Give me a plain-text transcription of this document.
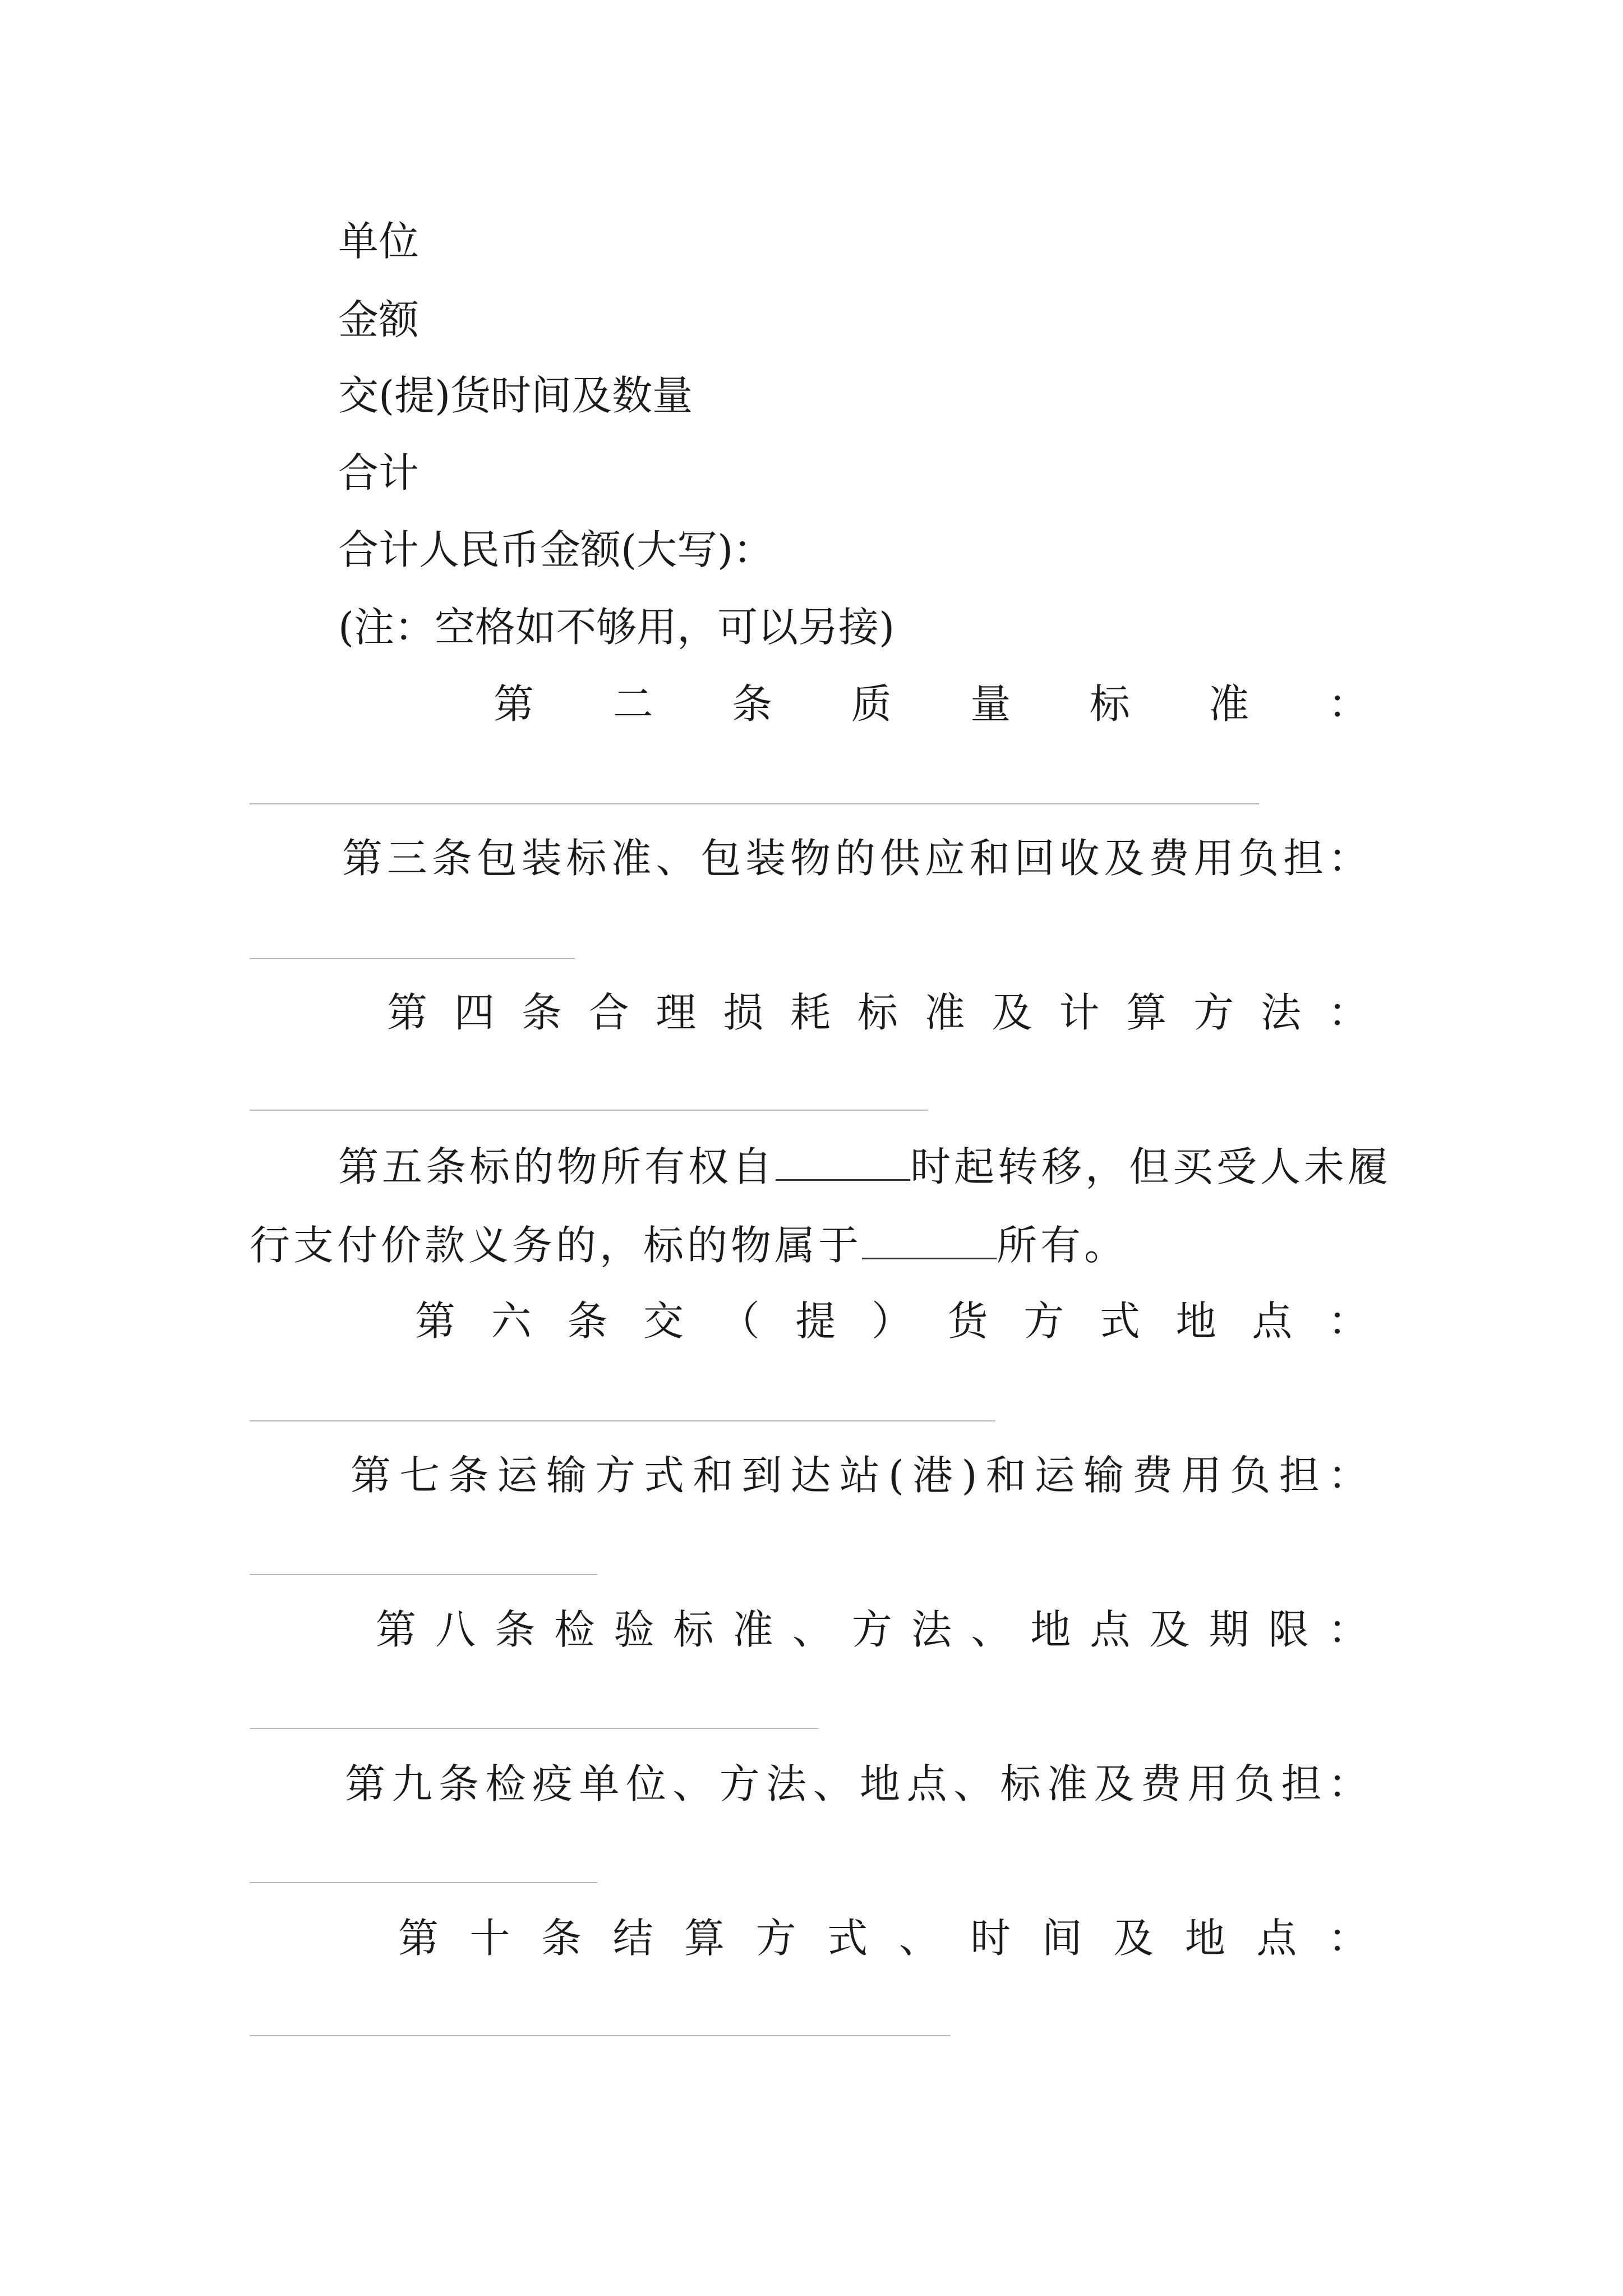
单位
金额
交(提)货时间及数量
合计
合计人民币金额(大写)：
(注：空格如不够用，可以另接)
第 二 条 质 量 标 准 ：
第 三 条 包 装 标 准 、 包 装 物 的 供 应 和 回 收 及 费 用 负 担 ：
第 四 条 合 理 损 耗 标 准 及 计 算 方 法 ：
第五条标的物所有权自	时起转移，但买受人未履
行支付价款义务的，标的物属于	所有。
第 六 条 交 （ 提 ） 货 方 式 地 点 ：
第 七 条 运 输 方 式 和 到 达 站 ( 港 ) 和 运 输 费 用 负 担 ：
第 八 条 检 验 标 准 、 方 法 、 地 点 及 期 限 ：
第 九 条 检 疫 单 位 、 方 法 、 地 点 、 标 准 及 费 用 负 担 ：
第 十 条 结 算 方 式 、 时 间 及 地 点 ：
